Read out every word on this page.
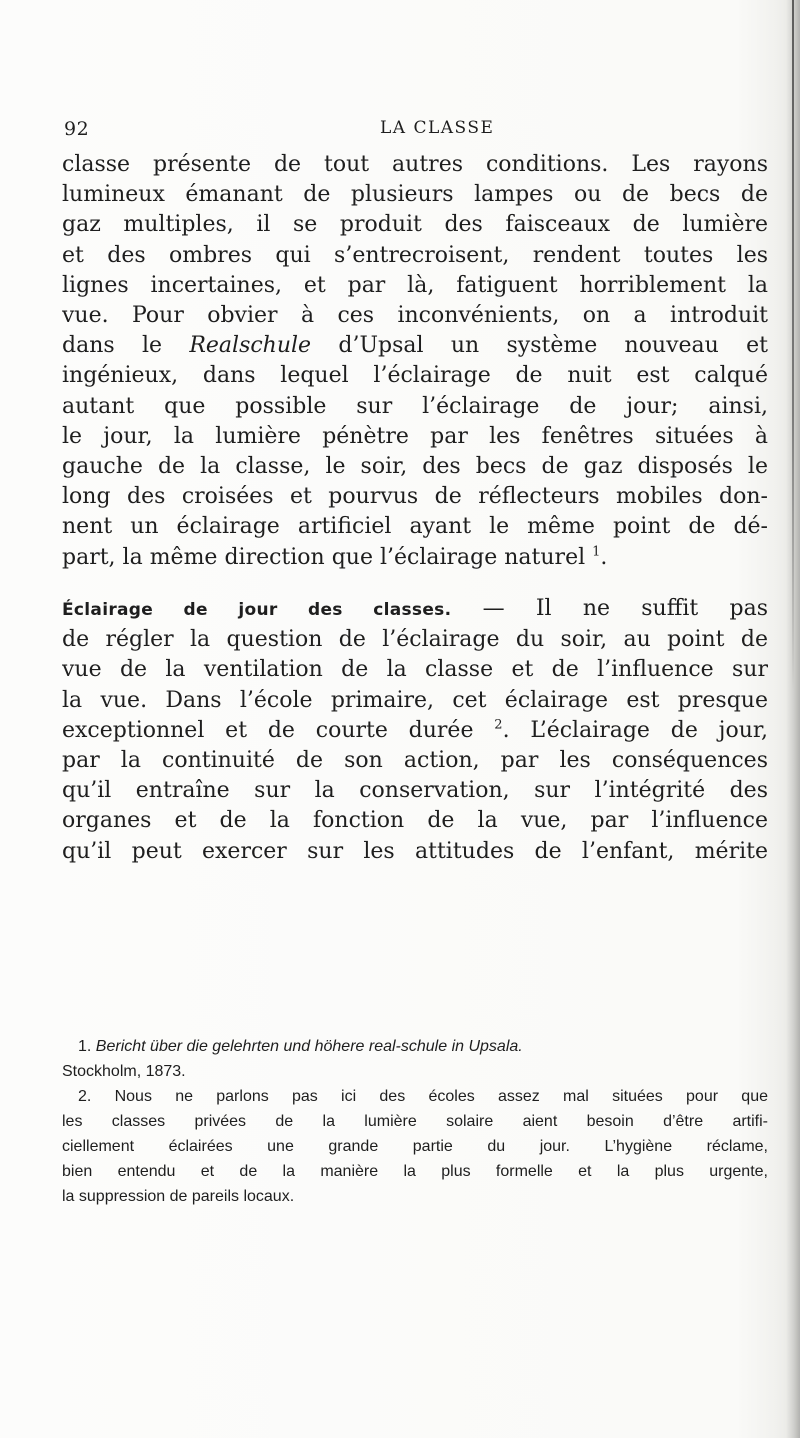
92	LA CLASSE
classe présente de tout autres conditions. Les rayons
lumineux émanant de plusieurs lampes ou de becs de
gaz multiples, il se produit des faisceaux de lumière
et des ombres qui s’entrecroisent, rendent toutes les
lignes incertaines, et par là, fatiguent horriblement la
vue. Pour obvier à ces inconvénients, on a introduit
dans le Realschule d’Upsal un système nouveau et
ingénieux, dans lequel l’éclairage de nuit est calqué
autant que possible sur l’éclairage de jour; ainsi,
le jour, la lumière pénètre par les fenêtres situées à
gauche de la classe, le soir, des becs de gaz disposés le
long des croisées et pourvus de réflecteurs mobiles don-
nent un éclairage artificiel ayant le même point de dé-
part, la même direction que l’éclairage naturel $^1$.
Éclairage de jour des classes. — Il ne suffit pas
de régler la question de l’éclairage du soir, au point de
vue de la ventilation de la classe et de l’influence sur
la vue. Dans l’école primaire, cet éclairage est presque
exceptionnel et de courte durée $^2$. L’éclairage de jour,
par la continuité de son action, par les conséquences
qu’il entraîne sur la conservation, sur l’intégrité des
organes et de la fonction de la vue, par l’influence
qu’il peut exercer sur les attitudes de l’enfant, mérite
1. Bericht über die gelehrten und höhere real-schule in Upsala.
Stockholm, 1873.
2. Nous ne parlons pas ici des écoles assez mal situées pour que
les classes privées de la lumière solaire aient besoin d’être artifi-
ciellement éclairées une grande partie du jour. L’hygiène réclame,
bien entendu et de la manière la plus formelle et la plus urgente,
la suppression de pareils locaux.
